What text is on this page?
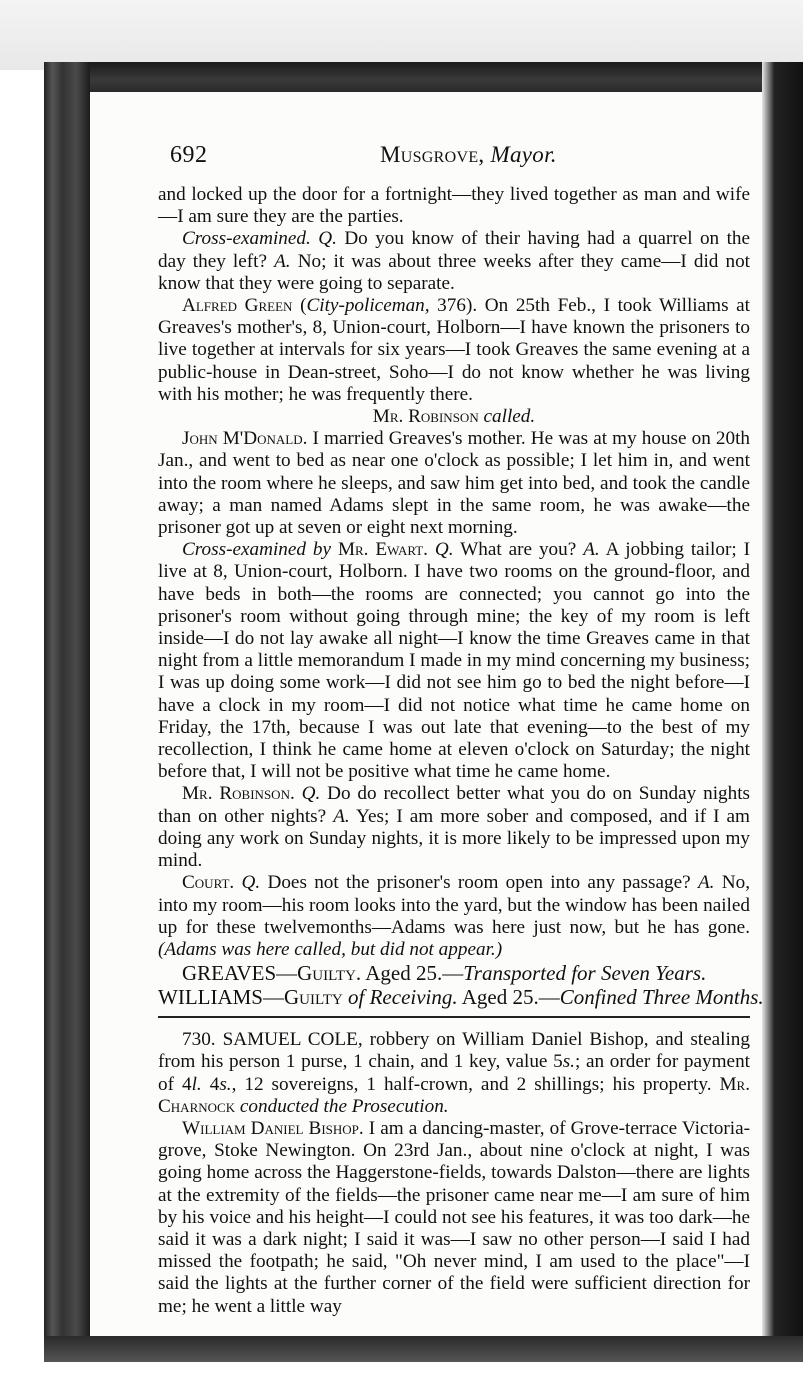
692	Musgrove, Mayor.

and locked up the door for a fortnight—they lived together as man and wife—I am sure they are the parties.

Cross-examined. Q. Do you know of their having had a quarrel on the day they left? A. No; it was about three weeks after they came—I did not know that they were going to separate.

Alfred Green (City-policeman, 376). On 25th Feb., I took Williams at Greaves's mother's, 8, Union-court, Holborn—I have known the prisoners to live together at intervals for six years—I took Greaves the same evening at a public-house in Dean-street, Soho—I do not know whether he was living with his mother; he was frequently there.

Mr. Robinson called.

John M'Donald. I married Greaves's mother. He was at my house on 20th Jan., and went to bed as near one o'clock as possible; I let him in, and went into the room where he sleeps, and saw him get into bed, and took the candle away; a man named Adams slept in the same room, he was awake—the prisoner got up at seven or eight next morning.

Cross-examined by Mr. Ewart. Q. What are you? A. A jobbing tailor; I live at 8, Union-court, Holborn. I have two rooms on the ground-floor, and have beds in both—the rooms are connected; you cannot go into the prisoner's room without going through mine; the key of my room is left inside—I do not lay awake all night—I know the time Greaves came in that night from a little memorandum I made in my mind concerning my business; I was up doing some work—I did not see him go to bed the night before—I have a clock in my room—I did not notice what time he came home on Friday, the 17th, because I was out late that evening—to the best of my recollection, I think he came home at eleven o'clock on Saturday; the night before that, I will not be positive what time he came home.

Mr. Robinson. Q. Do do recollect better what you do on Sunday nights than on other nights? A. Yes; I am more sober and composed, and if I am doing any work on Sunday nights, it is more likely to be impressed upon my mind.

Court. Q. Does not the prisoner's room open into any passage? A. No, into my room—his room looks into the yard, but the window has been nailed up for these twelvemonths—Adams was here just now, but he has gone. (Adams was here called, but did not appear.)

GREAVES—Guilty. Aged 25.—Transported for Seven Years.

WILLIAMS—Guilty of Receiving. Aged 25.—Confined Three Months.

730. SAMUEL COLE, robbery on William Daniel Bishop, and stealing from his person 1 purse, 1 chain, and 1 key, value 5s.; an order for payment of 4l. 4s., 12 sovereigns, 1 half-crown, and 2 shillings; his property. Mr. Charnock conducted the Prosecution.

William Daniel Bishop. I am a dancing-master, of Grove-terrace Victoria-grove, Stoke Newington. On 23rd Jan., about nine o'clock at night, I was going home across the Haggerstone-fields, towards Dalston—there are lights at the extremity of the fields—the prisoner came near me—I am sure of him by his voice and his height—I could not see his features, it was too dark—he said it was a dark night; I said it was—I saw no other person—I said I had missed the footpath; he said, "Oh never mind, I am used to the place"—I said the lights at the further corner of the field were sufficient direction for me; he went a little way
